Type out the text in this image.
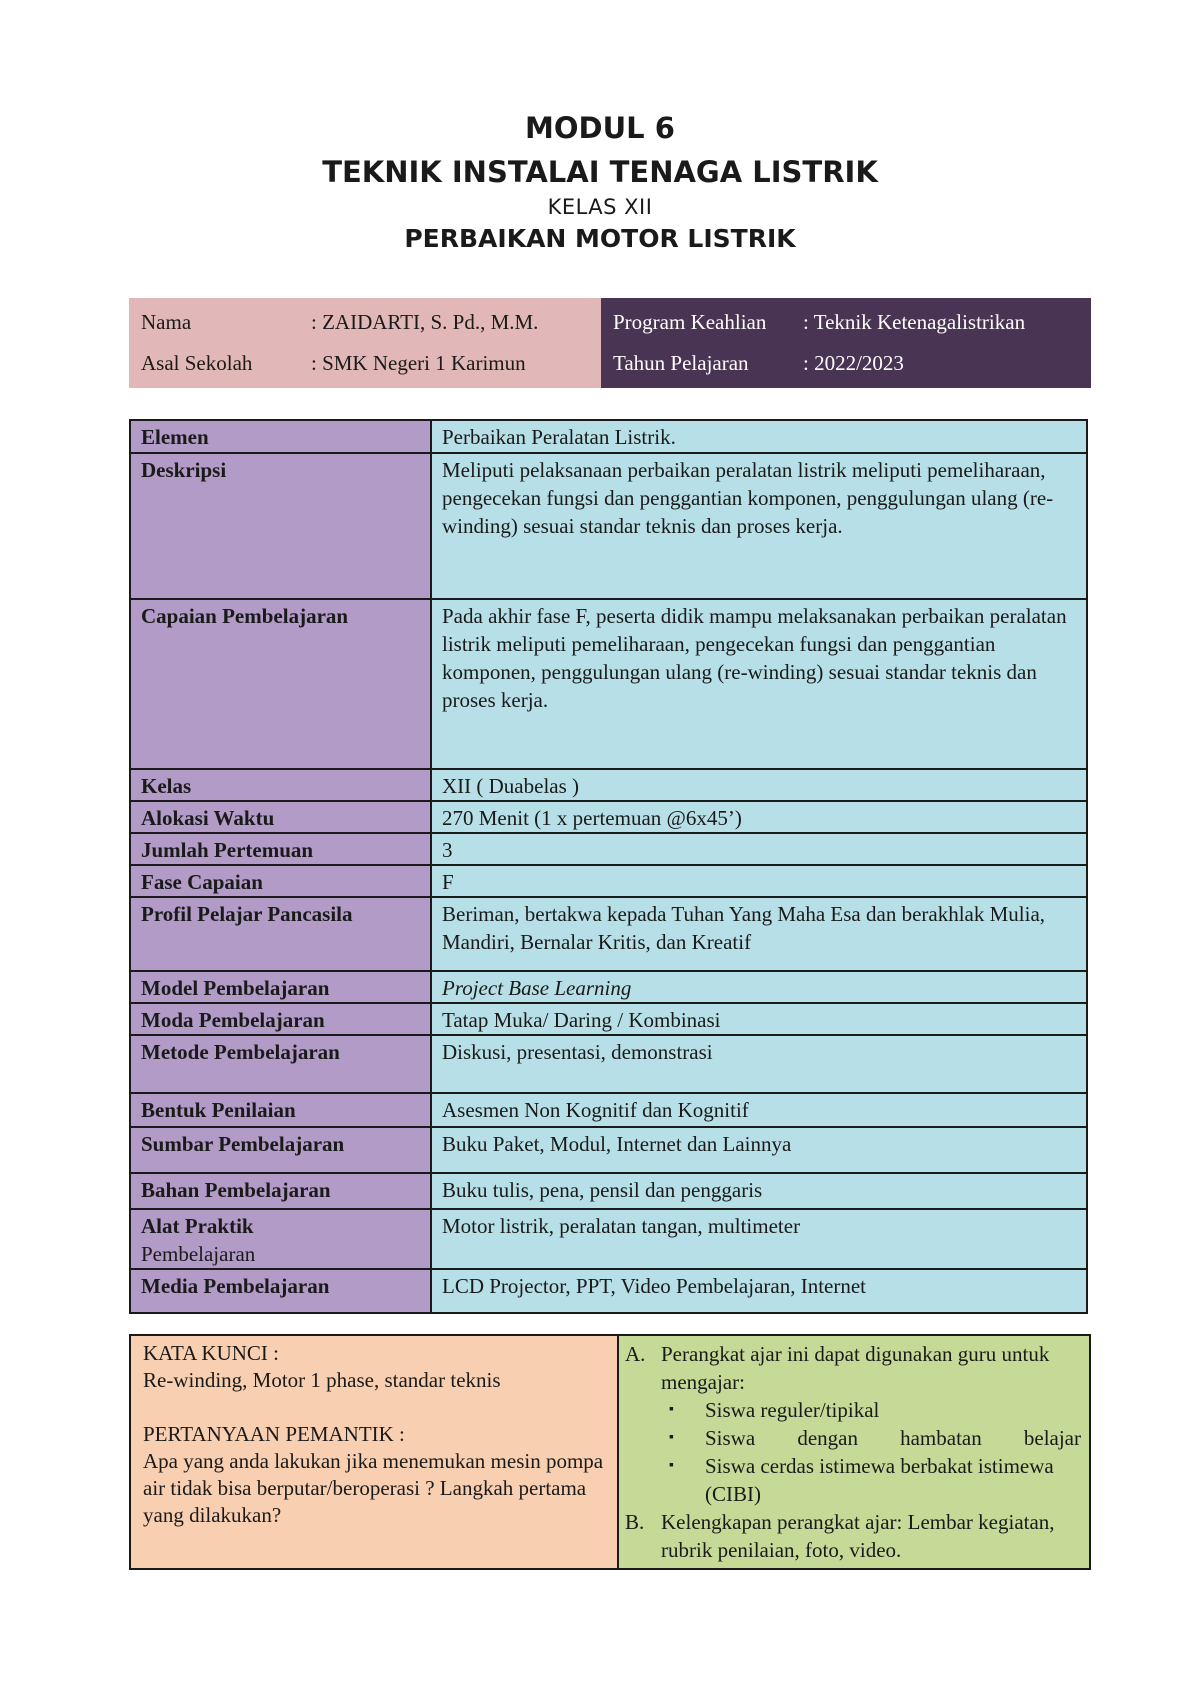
MODUL 6
TEKNIK INSTALAI TENAGA LISTRIK
KELAS XII
PERBAIKAN MOTOR LISTRIK
Nama	: ZAIDARTI, S. Pd., M.M.
Asal Sekolah	: SMK Negeri 1 Karimun
Program Keahlian	: Teknik Ketenagalistrikan
Tahun Pelajaran	: 2022/2023
Elemen	Perbaikan Peralatan Listrik.
Deskripsi	Meliputi pelaksanaan perbaikan peralatan listrik meliputi pemeliharaan, pengecekan fungsi dan penggantian komponen, penggulungan ulang (re-winding) sesuai standar teknis dan proses kerja.
Capaian Pembelajaran	Pada akhir fase F, peserta didik mampu melaksanakan perbaikan peralatan listrik meliputi pemeliharaan, pengecekan fungsi dan penggantian komponen, penggulungan ulang (re-winding) sesuai standar teknis dan proses kerja.
Kelas	XII ( Duabelas )
Alokasi Waktu	270 Menit (1 x pertemuan @6x45’)
Jumlah Pertemuan	3
Fase Capaian	F
Profil Pelajar Pancasila	Beriman, bertakwa kepada Tuhan Yang Maha Esa dan berakhlak Mulia, Mandiri, Bernalar Kritis, dan Kreatif
Model Pembelajaran	Project Base Learning
Moda Pembelajaran	Tatap Muka/ Daring / Kombinasi
Metode Pembelajaran	Diskusi, presentasi, demonstrasi
Bentuk Penilaian	Asesmen Non Kognitif dan Kognitif
Sumbar Pembelajaran	Buku Paket, Modul, Internet dan Lainnya
Bahan Pembelajaran	Buku tulis, pena, pensil dan penggaris

Alat Praktik
Pembelajaran	Motor listrik, peralatan tangan, multimeter
Media Pembelajaran	LCD Projector, PPT, Video Pembelajaran, Internet
KATA KUNCI :
Re-winding, Motor 1 phase, standar teknis
PERTANYAAN PEMANTIK :
Apa yang anda lakukan jika menemukan mesin pompa air tidak bisa berputar/beroperasi ? Langkah pertama yang dilakukan?
A. Perangkat ajar ini dapat digunakan guru untuk mengajar:
▪	Siswa reguler/tipikal
▪	Siswa dengan hambatan belajar
▪	Siswa cerdas istimewa berbakat istimewa (CIBI)
B. Kelengkapan perangkat ajar: Lembar kegiatan, rubrik penilaian, foto, video.
